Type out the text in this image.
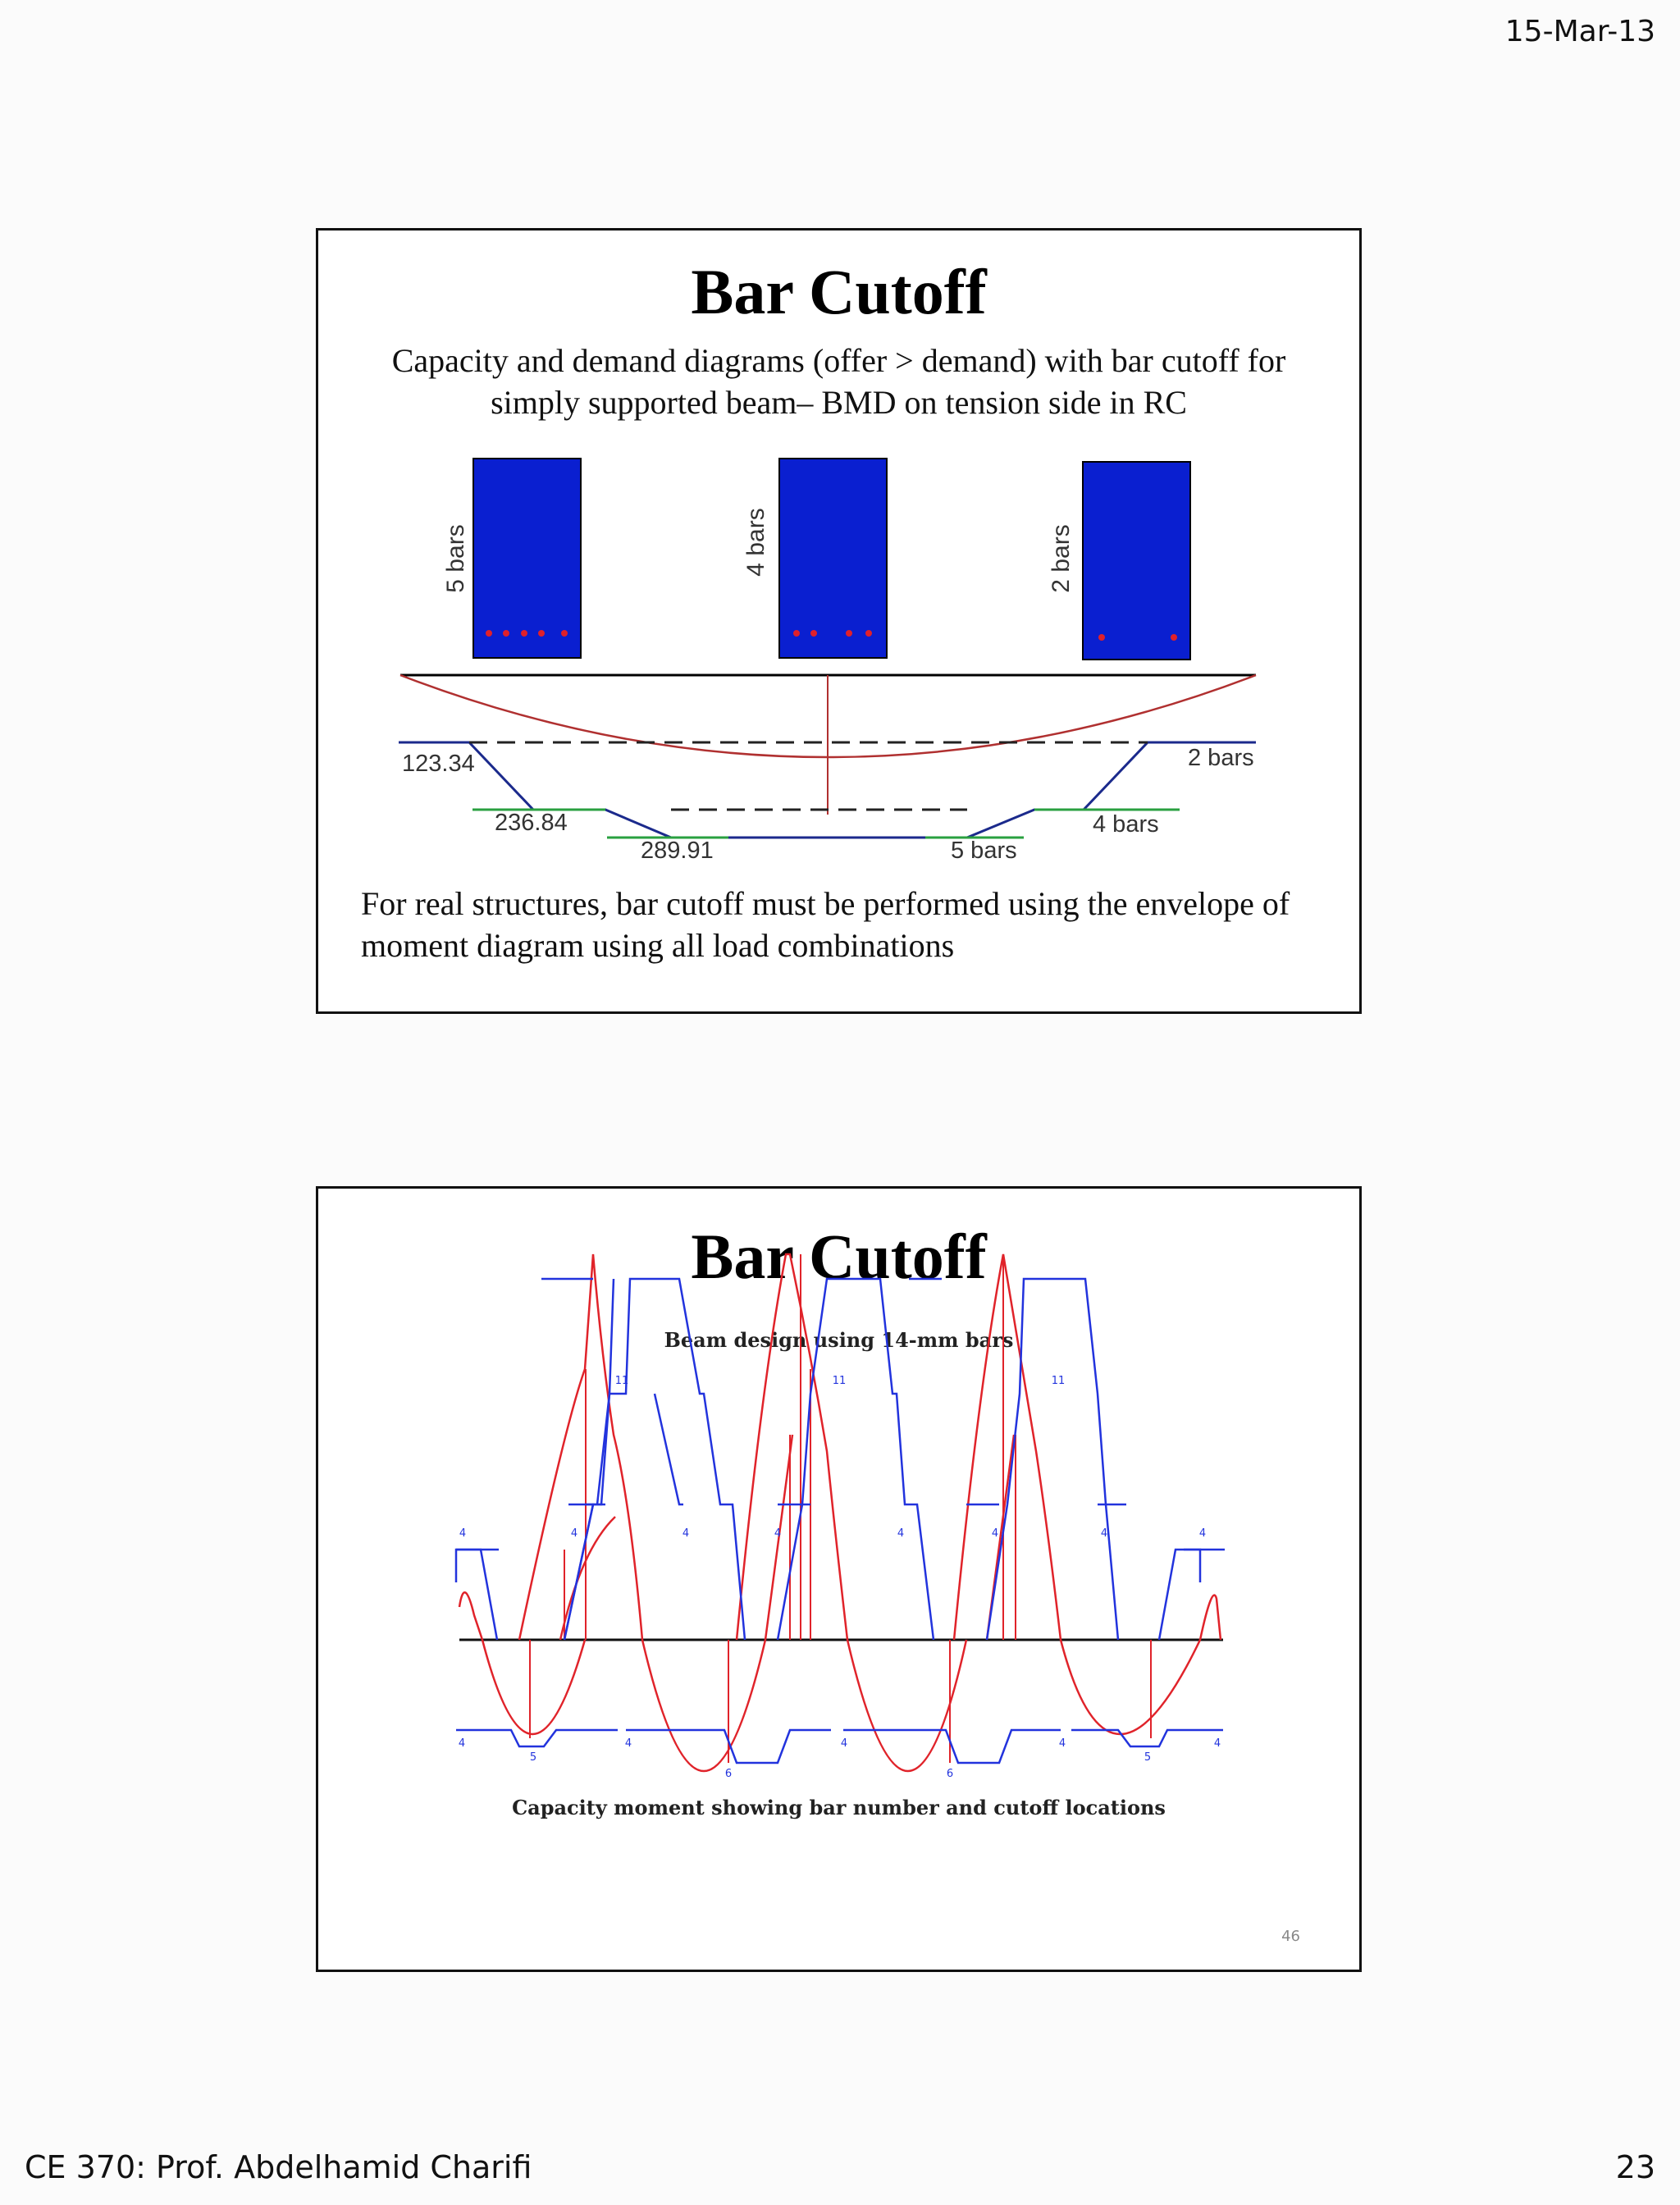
15-Mar-13
Bar Cutoff
Capacity and demand diagrams (offer > demand) with bar cutoff for simply supported beam– BMD on tension side in RC
5 bars	4 bars	2 bars
123.34
236.84
289.91
2 bars
4 bars
5 bars
For real structures, bar cutoff must be performed using the envelope of moment diagram using all load combinations
Bar Cutoff
Beam design using 14-mm bars
4
11
4	4	4
11
4	4
11
4	4
4
5
4
6
4
6
4
5
4
Capacity moment showing bar number and cutoff locations
46
CE 370: Prof. Abdelhamid Charifi	23
